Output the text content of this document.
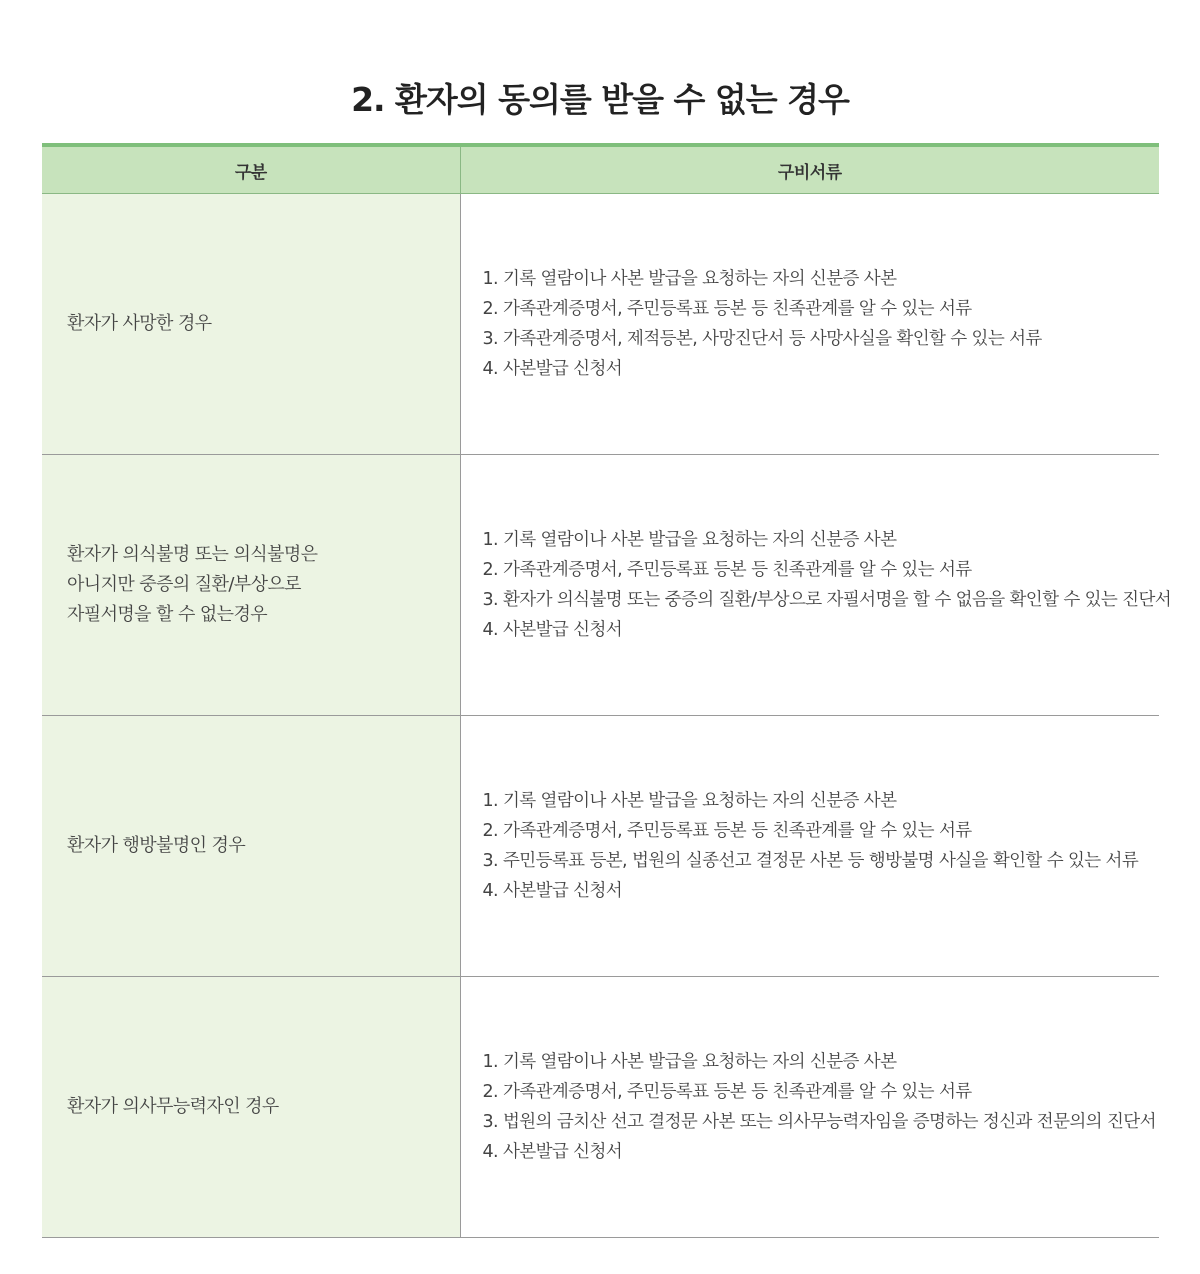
2. 환자의 동의를 받을 수 없는 경우
구분	구비서류

환자가 사망한 경우	1. 기록 열람이나 사본 발급을 요청하는 자의 신분증 사본
2. 가족관계증명서, 주민등록표 등본 등 친족관계를 알 수 있는 서류
3. 가족관계증명서, 제적등본, 사망진단서 등 사망사실을 확인할 수 있는 서류
4. 사본발급 신청서

환자가 의식불명 또는 의식불명은
아니지만 중증의 질환/부상으로
자필서명을 할 수 없는경우	1. 기록 열람이나 사본 발급을 요청하는 자의 신분증 사본
2. 가족관계증명서, 주민등록표 등본 등 친족관계를 알 수 있는 서류
3. 환자가 의식불명 또는 중증의 질환/부상으로 자필서명을 할 수 없음을 확인할 수 있는 진단서
4. 사본발급 신청서

환자가 행방불명인 경우	1. 기록 열람이나 사본 발급을 요청하는 자의 신분증 사본
2. 가족관계증명서, 주민등록표 등본 등 친족관계를 알 수 있는 서류
3. 주민등록표 등본, 법원의 실종선고 결정문 사본 등 행방불명 사실을 확인할 수 있는 서류
4. 사본발급 신청서

환자가 의사무능력자인 경우	1. 기록 열람이나 사본 발급을 요청하는 자의 신분증 사본
2. 가족관계증명서, 주민등록표 등본 등 친족관계를 알 수 있는 서류
3. 법원의 금치산 선고 결정문 사본 또는 의사무능력자임을 증명하는 정신과 전문의의 진단서
4. 사본발급 신청서
